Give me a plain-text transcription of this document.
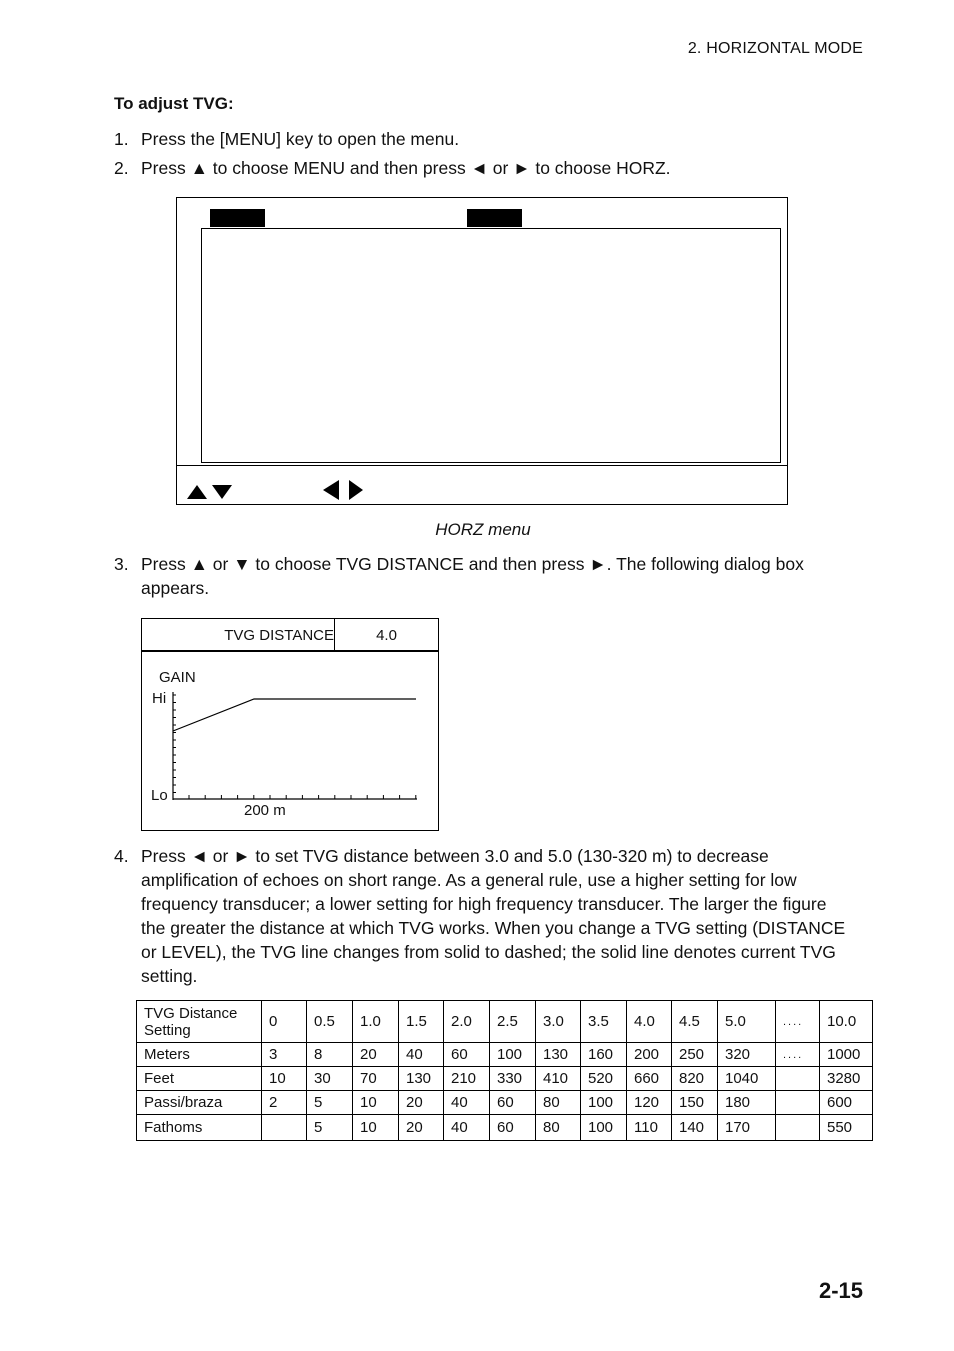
2. HORIZONTAL MODE
To adjust TVG:
1. Press the [MENU] key to open the menu.
2. Press ▲ to choose MENU and then press ◄ or ► to choose HORZ.
HORZ menu
3. Press ▲ or ▼ to choose TVG DISTANCE and then press ►. The following dialog box appears.
TVG DISTANCE	4.0
GAIN
Hi
Lo
200 m
4. Press ◄ or ► to set TVG distance between 3.0 and 5.0 (130-320 m) to decrease amplification of echoes on short range. As a general rule, use a higher setting for low frequency transducer; a lower setting for high frequency transducer. The larger the figure the greater the distance at which TVG works. When you change a TVG setting (DISTANCE or LEVEL), the TVG line changes from solid to dashed; the solid line denotes current TVG setting.
TVG Distance Setting	0	0.5	1.0	1.5	2.0	2.5	3.0	3.5	4.0	4.5	5.0	....	10.0
Meters	3	8	20	40	60	100	130	160	200	250	320	....	1000
Feet	10	30	70	130	210	330	410	520	660	820	1040		3280
Passi/braza	2	5	10	20	40	60	80	100	120	150	180		600
Fathoms		5	10	20	40	60	80	100	110	140	170		550
2-15
